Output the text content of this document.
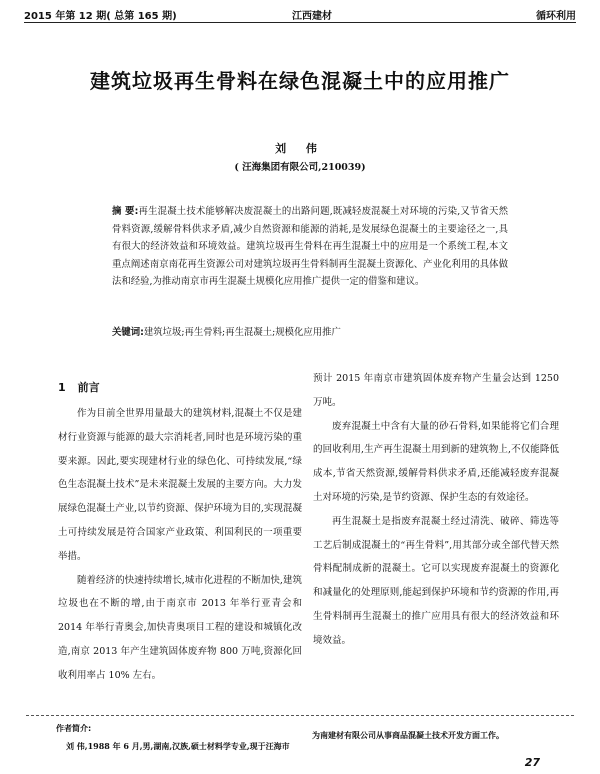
2015 年第 12 期( 总第 165 期)	江西建材	循环利用
建筑垃圾再生骨料在绿色混凝土中的应用推广
刘 伟
( 汪海集团有限公司,210039)
摘 要:再生混凝土技术能够解决废混凝土的出路问题,既减轻废混凝土对环境的污染,又节省天然骨料资源,缓解骨料供求矛盾,减少自然资源和能源的消耗,是发展绿色混凝土的主要途径之一,具有很大的经济效益和环境效益。建筑垃圾再生骨料在再生混凝土中的应用是一个系统工程,本文重点阐述南京南花再生资源公司对建筑垃圾再生骨料制再生混凝土资源化、产业化利用的具体做法和经验,为推动南京市再生混凝土规模化应用推广提供一定的借鉴和建议。
关键词:建筑垃圾;再生骨料;再生混凝土;规模化应用推广
1 前言

作为目前全世界用量最大的建筑材料,混凝土不仅是建材行业资源与能源的最大宗消耗者,同时也是环境污染的重要来源。因此,要实现建材行业的绿色化、可持续发展,“绿色生态混凝土技术”是未来混凝土发展的主要方向。大力发展绿色混凝土产业,以节约资源、保护环境为目的,实现混凝土可持续发展是符合国家产业政策、利国利民的一项重要举措。

随着经济的快速持续增长,城市化进程的不断加快,建筑垃圾也在不断的增,由于南京市 2013 年举行亚青会和 2014 年举行青奥会,加快青奥项目工程的建设和城镇化改造,南京 2013 年产生建筑固体废弃物 800 万吨,资源化回收利用率占 10% 左右。

预计 2015 年南京市建筑固体废弃物产生量会达到 1250 万吨。

废弃混凝土中含有大量的砂石骨料,如果能将它们合理的回收利用,生产再生混凝土用到新的建筑物上,不仅能降低成本,节省天然资源,缓解骨料供求矛盾,还能减轻废弃混凝土对环境的污染,是节约资源、保护生态的有效途径。

再生混凝土是指废弃混凝土经过清洗、破碎、筛选等工艺后制成混凝土的“再生骨料”,用其部分或全部代替天然骨料配制成新的混凝土。它可以实现废弃混凝土的资源化和减量化的处理原则,能起到保护环境和节约资源的作用,再生骨料制再生混凝土的推广应用具有很大的经济效益和环境效益。

作者简介:
刘 伟,1988 年 6 月,男,湖南,汉族,硕士材料学专业,现于汪海市
为南建材有限公司从事商品混凝土技术开发方面工作。
27
